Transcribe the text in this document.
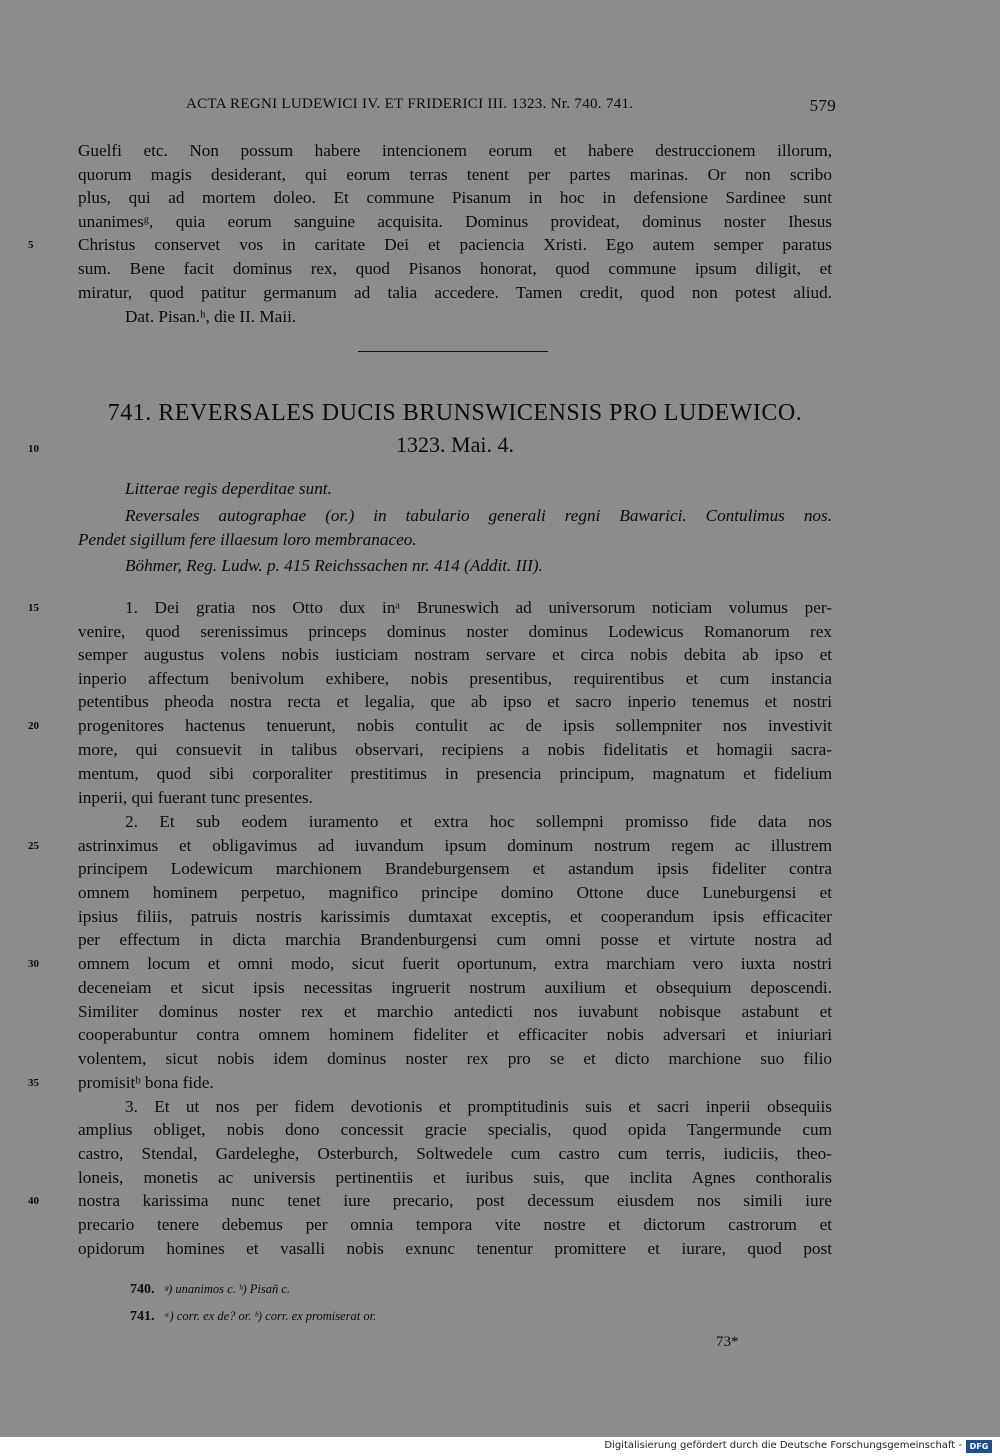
ACTA REGNI LUDEWICI IV. ET FRIDERICI III. 1323. Nr. 740. 741.	579
Guelfi etc. Non possum habere intencionem eorum et habere destruccionem illorum,
quorum magis desiderant, qui eorum terras tenent per partes marinas. Or non scribo
plus, qui ad mortem doleo. Et commune Pisanum in hoc in defensione Sardinee sunt
unanimesᵍ, quia eorum sanguine acquisita. Dominus provideat, dominus noster Ihesus
Christus conservet vos in caritate Dei et paciencia Xristi. Ego autem semper paratus
sum. Bene facit dominus rex, quod Pisanos honorat, quod commune ipsum diligit, et
miratur, quod patitur germanum ad talia accedere. Tamen credit, quod non potest aliud.
Dat. Pisan.ʰ, die II. Maii.
741. REVERSALES DUCIS BRUNSWICENSIS PRO LUDEWICO.
1323. Mai. 4.
Litterae regis deperditae sunt.
Reversales autographae (or.) in tabulario generali regni Bawarici. Contulimus nos.
Pendet sigillum fere illaesum loro membranaceo.
Böhmer, Reg. Ludw. p. 415 Reichssachen nr. 414 (Addit. III).
1. Dei gratia nos Otto dux inᵃ Bruneswich ad universorum noticiam volumus per-
venire, quod serenissimus princeps dominus noster dominus Lodewicus Romanorum rex
semper augustus volens nobis iusticiam nostram servare et circa nobis debita ab ipso et
inperio affectum benivolum exhibere, nobis presentibus, requirentibus et cum instancia
petentibus pheoda nostra recta et legalia, que ab ipso et sacro inperio tenemus et nostri
progenitores hactenus tenuerunt, nobis contulit ac de ipsis sollempniter nos investivit
more, qui consuevit in talibus observari, recipiens a nobis fidelitatis et homagii sacra-
mentum, quod sibi corporaliter prestitimus in presencia principum, magnatum et fidelium
inperii, qui fuerant tunc presentes.
2. Et sub eodem iuramento et extra hoc sollempni promisso fide data nos
astrinximus et obligavimus ad iuvandum ipsum dominum nostrum regem ac illustrem
principem Lodewicum marchionem Brandeburgensem et astandum ipsis fideliter contra
omnem hominem perpetuo, magnifico principe domino Ottone duce Luneburgensi et
ipsius filiis, patruis nostris karissimis dumtaxat exceptis, et cooperandum ipsis efficaciter
per effectum in dicta marchia Brandenburgensi cum omni posse et virtute nostra ad
omnem locum et omni modo, sicut fuerit oportunum, extra marchiam vero iuxta nostri
deceneiam et sicut ipsis necessitas ingruerit nostrum auxilium et obsequium deposcendi.
Similiter dominus noster rex et marchio antedicti nos iuvabunt nobisque astabunt et
cooperabuntur contra omnem hominem fideliter et efficaciter nobis adversari et iniuriari
volentem, sicut nobis idem dominus noster rex pro se et dicto marchione suo filio
promisitᵇ bona fide.
3. Et ut nos per fidem devotionis et promptitudinis suis et sacri inperii obsequiis
amplius obliget, nobis dono concessit gracie specialis, quod opida Tangermunde cum
castro, Stendal, Gardeleghe, Osterburch, Soltwedele cum castro cum terris, iudiciis, theo-
loneis, monetis ac universis pertinentiis et iuribus suis, que inclita Agnes conthoralis
nostra karissima nunc tenet iure precario, post decessum eiusdem nos simili iure
precario tenere debemus per omnia tempora vite nostre et dictorum castrorum et
opidorum homines et vasalli nobis exnunc tenentur promittere et iurare, quod post
5
10
15
20
25
30
35
40
740. ᵍ) unanimos c. ʰ) Pisañ c.
741. ᵃ) corr. ex de? or. ᵇ) corr. ex promiserat or.
73*
Digitalisierung gefördert durch die Deutsche Forschungsgemeinschaft - DFG
